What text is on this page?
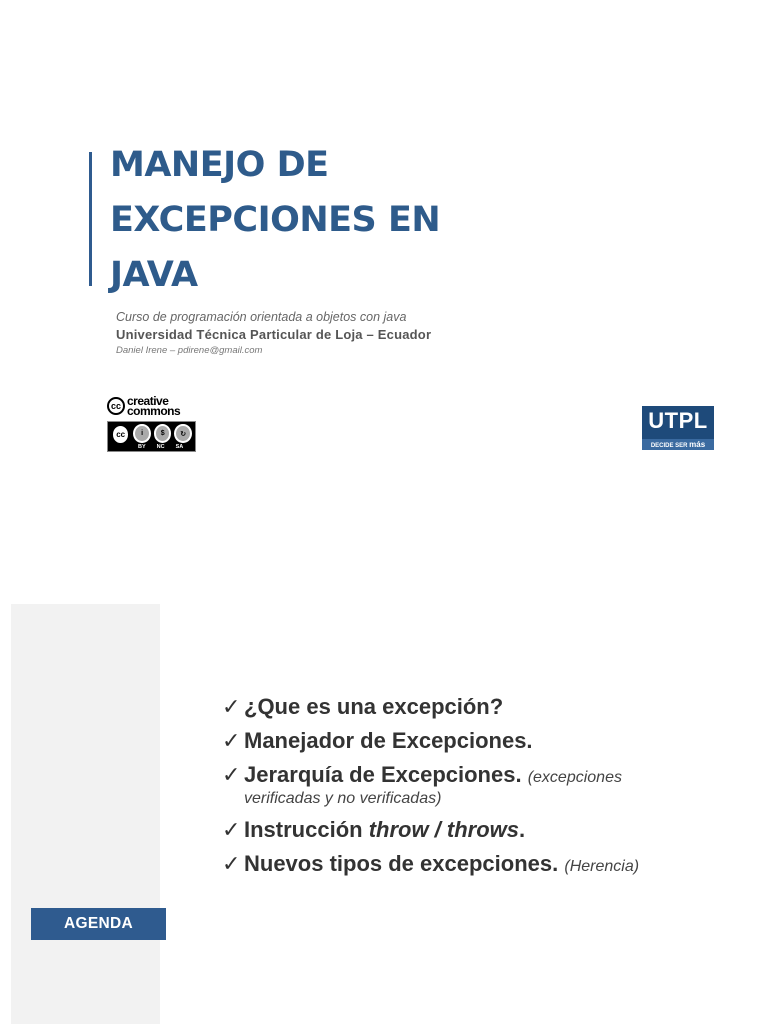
MANEJO DE
EXCEPCIONES EN
JAVA
Curso de programación orientada a objetos con java
Universidad Técnica Particular de Loja – Ecuador
Daniel Irene – pdirene@gmail.com
cc creative
commons
cc	i	$	↻
BY NC SA
UTPL
DECIDE SER más
AGENDA
✓ ¿Que es una excepción?
✓ Manejador de Excepciones.
✓ Jerarquía de Excepciones. (excepciones
verificadas y no verificadas)
✓ Instrucción throw / throws.
✓ Nuevos tipos de excepciones. (Herencia)
